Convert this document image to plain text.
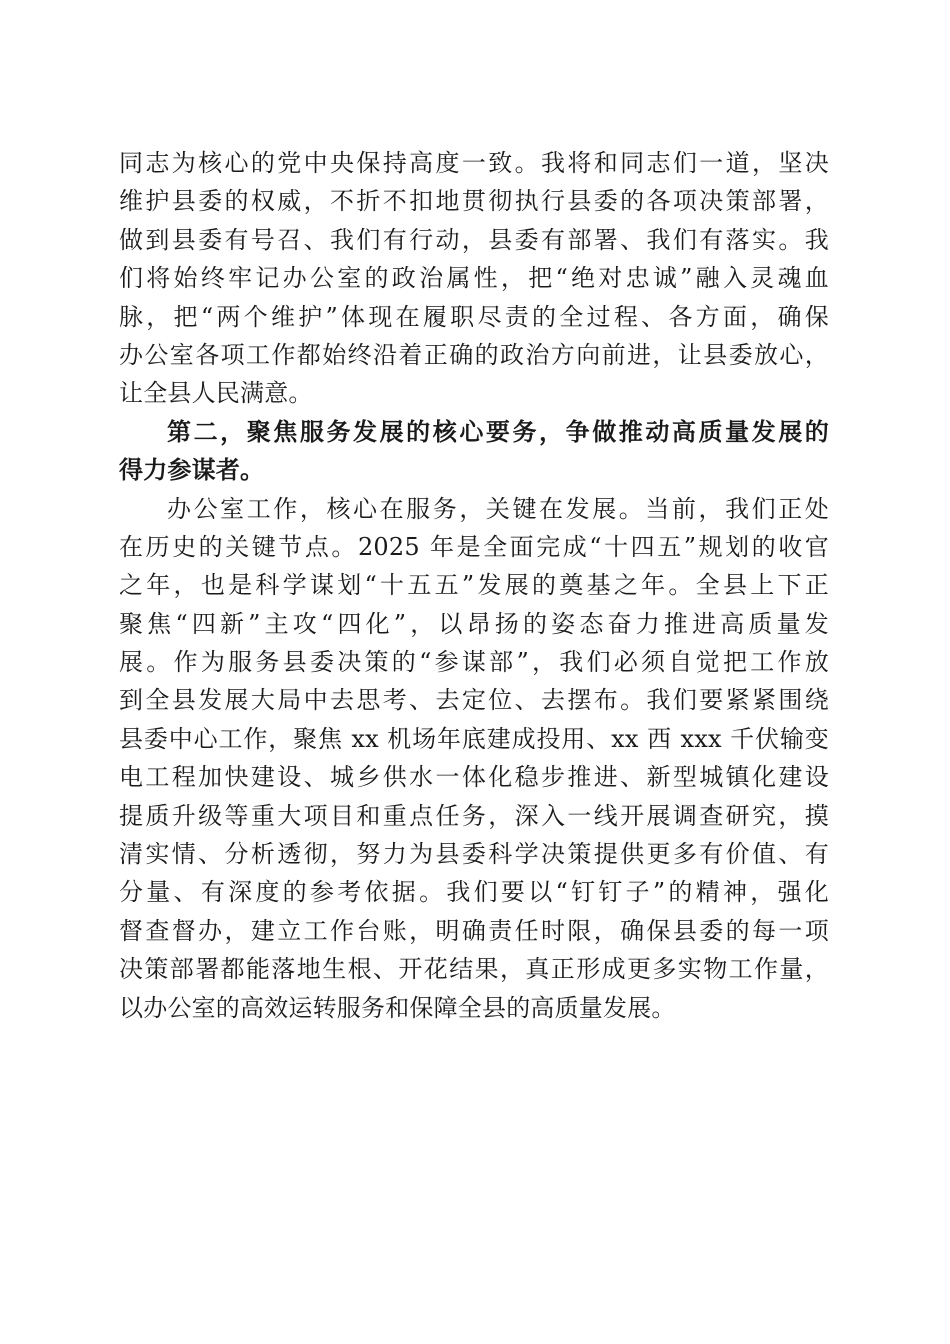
同志为核心的党中央保持高度一致。我将和同志们一道，坚决
维护县委的权威，不折不扣地贯彻执行县委的各项决策部署，
做到县委有号召、我们有行动，县委有部署、我们有落实。我
们将始终牢记办公室的政治属性，把“绝对忠诚”融入灵魂血
脉，把“两个维护”体现在履职尽责的全过程、各方面，确保
办公室各项工作都始终沿着正确的政治方向前进，让县委放心，
让全县人民满意。
第二，聚焦服务发展的核心要务，争做推动高质量发展的
得力参谋者。
办公室工作，核心在服务，关键在发展。当前，我们正处
在历史的关键节点。2025 年是全面完成“十四五”规划的收官
之年，也是科学谋划“十五五”发展的奠基之年。全县上下正
聚焦“四新”主攻“四化”，以昂扬的姿态奋力推进高质量发
展。作为服务县委决策的“参谋部”，我们必须自觉把工作放
到全县发展大局中去思考、去定位、去摆布。我们要紧紧围绕
县委中心工作，聚焦 xx 机场年底建成投用、xx 西 xxx 千伏输变
电工程加快建设、城乡供水一体化稳步推进、新型城镇化建设
提质升级等重大项目和重点任务，深入一线开展调查研究，摸
清实情、分析透彻，努力为县委科学决策提供更多有价值、有
分量、有深度的参考依据。我们要以“钉钉子”的精神，强化
督查督办，建立工作台账，明确责任时限，确保县委的每一项
决策部署都能落地生根、开花结果，真正形成更多实物工作量，
以办公室的高效运转服务和保障全县的高质量发展。
